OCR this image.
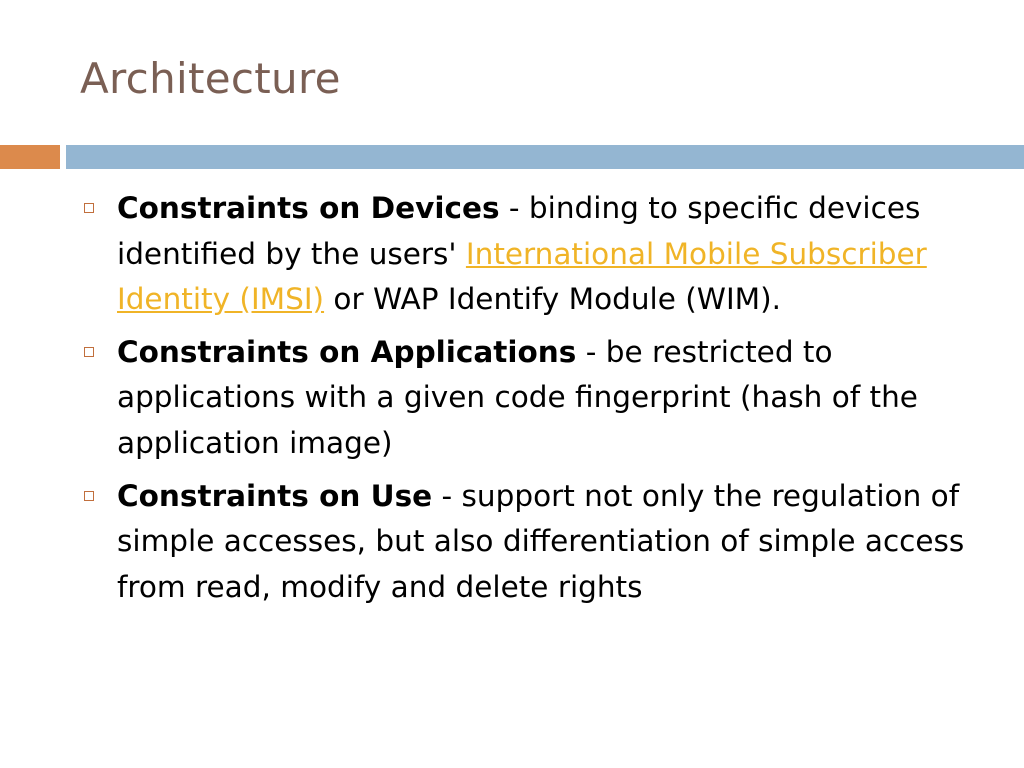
Architecture
Constraints on Devices - binding to specific devices identified by the users' International Mobile Subscriber Identity (IMSI) or WAP Identify Module (WIM).
Constraints on Applications - be restricted to applications with a given code fingerprint (hash of the application image)
Constraints on Use - support not only the regulation of simple accesses, but also differentiation of simple access from read, modify and delete rights
